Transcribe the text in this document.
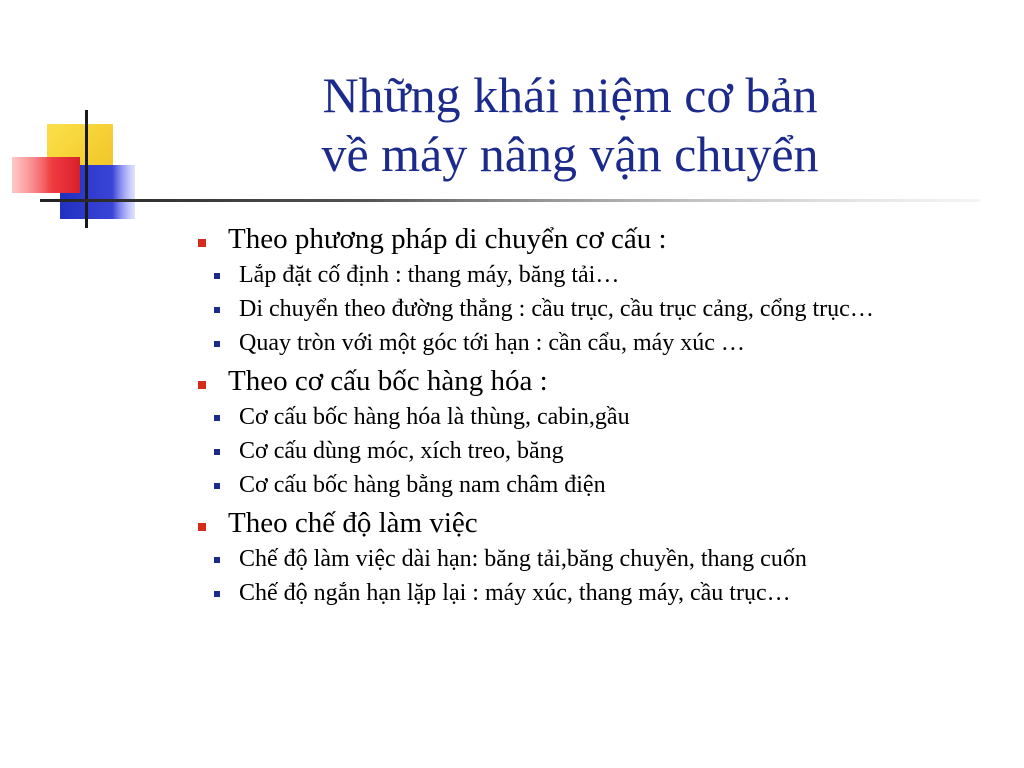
Những khái niệm cơ bản
về máy nâng vận chuyển
Theo phương pháp di chuyển cơ cấu :
Lắp đặt cố định : thang máy, băng tải…
Di chuyển theo đường thẳng : cầu trục, cầu trục cảng, cổng trục…
Quay tròn với một góc tới hạn : cần cẩu, máy xúc …
Theo cơ cấu bốc hàng hóa :
Cơ cấu bốc hàng hóa là thùng, cabin,gầu
Cơ cấu dùng móc, xích treo, băng
Cơ cấu bốc hàng bằng nam châm điện
Theo chế độ làm việc
Chế độ làm việc dài hạn: băng tải,băng chuyền, thang cuốn
Chế độ ngắn hạn lặp lại : máy xúc, thang máy, cầu trục…
